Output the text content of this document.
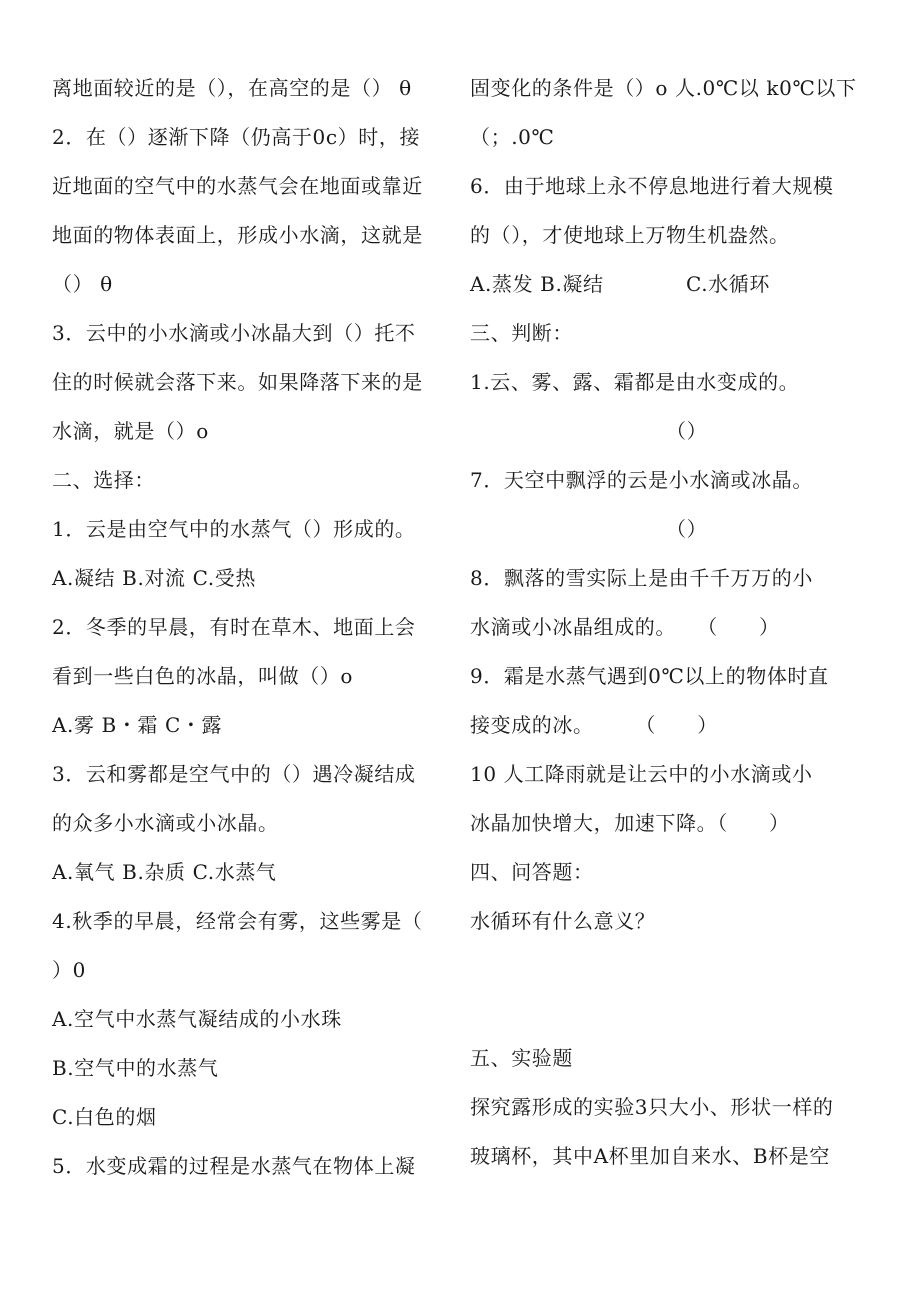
离地面较近的是（），在高空的是（） θ
2．在（）逐渐下降（仍高于0c）时，接
近地面的空气中的水蒸气会在地面或靠近
地面的物体表面上，形成小水滴，这就是
（） θ
3．云中的小水滴或小冰晶大到（）托不
住的时候就会落下来。如果降落下来的是
水滴，就是（）o
二、选择：
1．云是由空气中的水蒸气（）形成的。
A.凝结 B.对流 C.受热
2．冬季的早晨，有时在草木、地面上会
看到一些白色的冰晶，叫做（）o
A.雾 B・霜 C・露
3．云和雾都是空气中的（）遇冷凝结成
的众多小水滴或小冰晶。
A.氧气 B.杂质 C.水蒸气
4.秋季的早晨，经常会有雾，这些雾是（
）0
A.空气中水蒸气凝结成的小水珠
B.空气中的水蒸气
C.白色的烟
5．水变成霜的过程是水蒸气在物体上凝
固变化的条件是（）o 人.0℃以 k0℃以下
（；.0℃
6．由于地球上永不停息地进行着大规模
的（），才使地球上万物生机盎然。
A.蒸发 B.凝结　　　　C.水循环
三、判断：
1.云、雾、露、霜都是由水变成的。
　　　　　　　　　　（）
7．天空中飘浮的云是小水滴或冰晶。
　　　　　　　　　　（）
8．飘落的雪实际上是由千千万万的小
水滴或小冰晶组成的。　　（　　）
9．霜是水蒸气遇到0℃以上的物体时直
接变成的冰。　　　（　　）
10 人工降雨就是让云中的小水滴或小
冰晶加快增大，加速下降。（　　）
四、问答题：
水循环有什么意义？
五、实验题
探究露形成的实验3只大小、形状一样的
玻璃杯，其中A杯里加自来水、B杯是空
